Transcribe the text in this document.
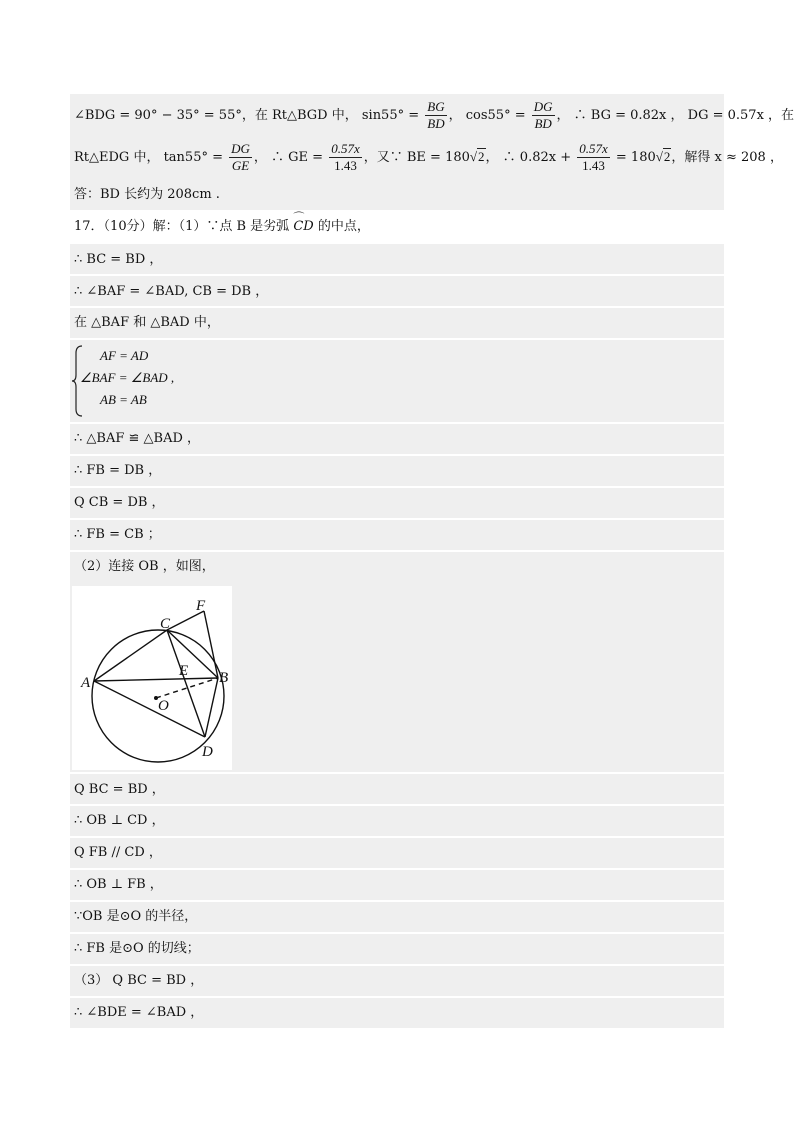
∠BDG = 90° − 35° = 55°，在 Rt△BGD 中， $\sin 55^\circ = \frac{BG}{BD}$ ， $\cos 55^\circ = \frac{DG}{BD}$ ， ∴ BG = 0.82x ， DG = 0.57x ，在
Rt△EDG 中， $\tan 55^\circ = \frac{DG}{GE}$ ， ∴ GE = $\frac{0.57x}{1.43}$ ，又∵ BE = 180√2， ∴ $0.82x + \frac{0.57x}{1.43} = 180√2$，解得 x ≈ 208 ，
答：BD 长约为 208cm .
17．（10分）解：（1）∵点 B 是劣弧 ⌒ CD 的中点，
∴ BC = BD ，
∴ ∠BAF = ∠BAD, CB = DB ，
在 △BAF 和 △BAD 中，
AF = AD
∠BAF = ∠BAD ,
AB = AB
∴ △BAF ≌ △BAD ，
∴ FB = DB ，
Q CB = DB ，
∴ FB = CB ；
（2）连接 OB ，如图，
A	B
C
D
E
F
O
Q BC = BD ，
∴ OB ⊥ CD ，
Q FB // CD ，
∴ OB ⊥ FB ，
∵OB 是⊙O 的半径，
∴ FB 是⊙O 的切线；
（3） Q BC = BD ，
∴ ∠BDE = ∠BAD ，
